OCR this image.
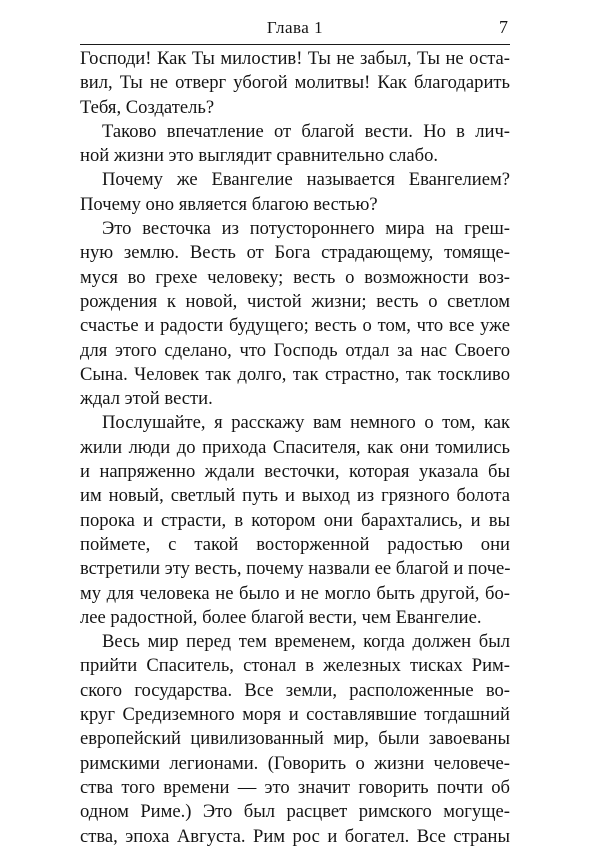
Глава 1	7
Господи! Как Ты милостив! Ты не забыл, Ты не оста-
вил, Ты не отверг убогой молитвы! Как благодарить
Тебя, Создатель?
Таково впечатление от благой вести. Но в лич-
ной жизни это выглядит сравнительно слабо.
Почему же Евангелие называется Евангелием?
Почему оно является благою вестью?
Это весточка из потустороннего мира на греш-
ную землю. Весть от Бога страдающему, томяще-
муся во грехе человеку; весть о возможности воз-
рождения к новой, чистой жизни; весть о светлом
счастье и радости будущего; весть о том, что все уже
для этого сделано, что Господь отдал за нас Своего
Сына. Человек так долго, так страстно, так тоскливо
ждал этой вести.
Послушайте, я расскажу вам немного о том, как
жили люди до прихода Спасителя, как они томились
и напряженно ждали весточки, которая указала бы
им новый, светлый путь и выход из грязного болота
порока и страсти, в котором они барахтались, и вы
поймете, с такой восторженной радостью они
встретили эту весть, почему назвали ее благой и поче-
му для человека не было и не могло быть другой, бо-
лее радостной, более благой вести, чем Евангелие.
Весь мир перед тем временем, когда должен был
прийти Спаситель, стонал в железных тисках Рим-
ского государства. Все земли, расположенные во-
круг Средиземного моря и составлявшие тогдашний
европейский цивилизованный мир, были завоеваны
римскими легионами. (Говорить о жизни человече-
ства того времени — это значит говорить почти об
одном Риме.) Это был расцвет римского могуще-
ства, эпоха Августа. Рим рос и богател. Все страны
